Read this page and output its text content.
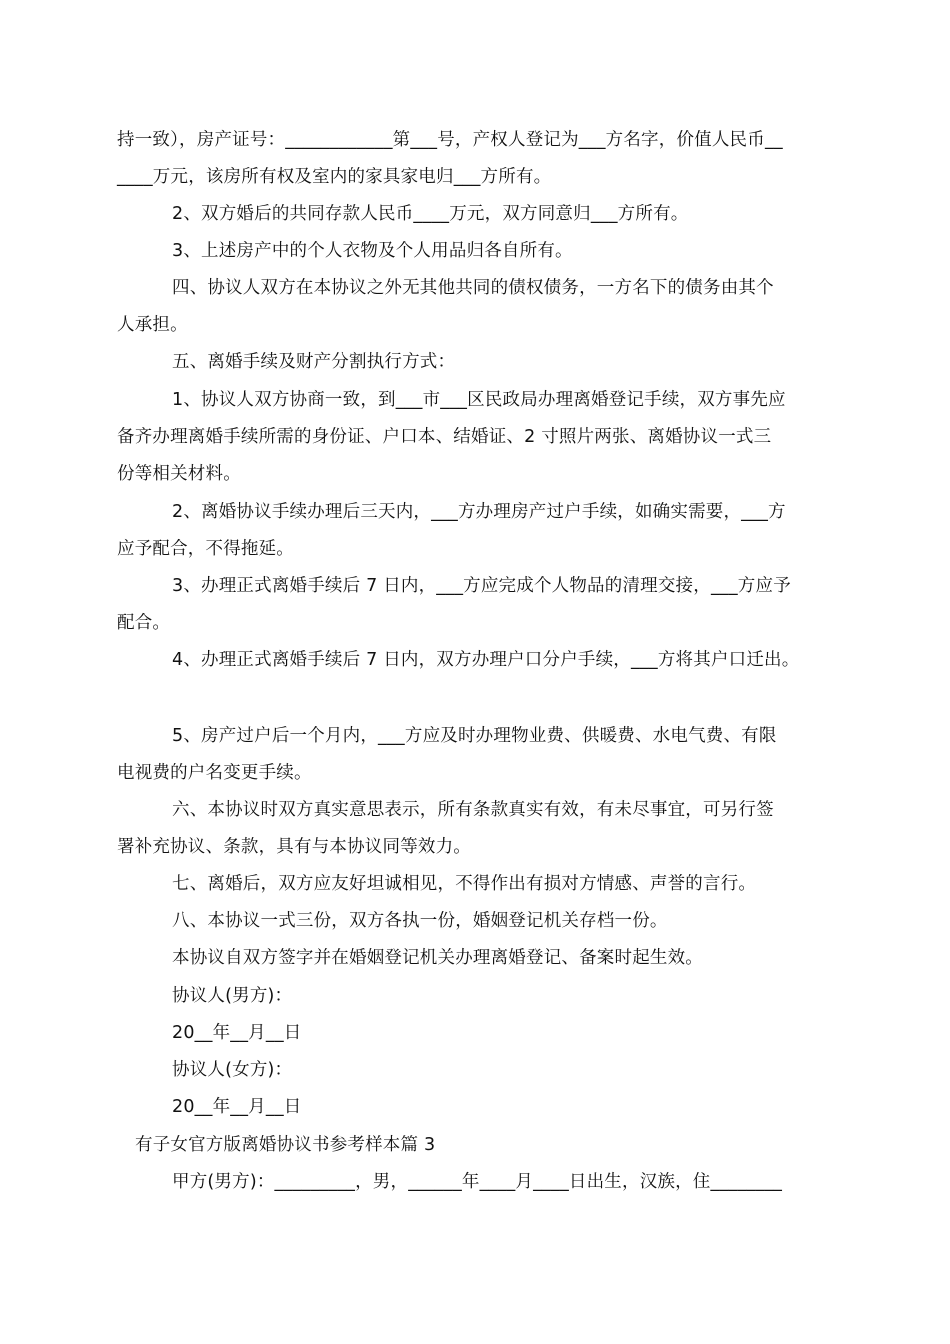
持一致），房产证号：____________第___号，产权人登记为___方名字，价值人民币__
____万元，该房所有权及室内的家具家电归___方所有。
2、双方婚后的共同存款人民币____万元，双方同意归___方所有。
3、上述房产中的个人衣物及个人用品归各自所有。
四、协议人双方在本协议之外无其他共同的债权债务，一方名下的债务由其个
人承担。
五、离婚手续及财产分割执行方式：
1、协议人双方协商一致，到___市___区民政局办理离婚登记手续，双方事先应
备齐办理离婚手续所需的身份证、户口本、结婚证、2 寸照片两张、离婚协议一式三
份等相关材料。
2、离婚协议手续办理后三天内，___方办理房产过户手续，如确实需要，___方
应予配合，不得拖延。
3、办理正式离婚手续后 7 日内，___方应完成个人物品的清理交接，___方应予
配合。
4、办理正式离婚手续后 7 日内，双方办理户口分户手续，___方将其户口迁出。
5、房产过户后一个月内，___方应及时办理物业费、供暖费、水电气费、有限
电视费的户名变更手续。
六、本协议时双方真实意思表示，所有条款真实有效，有未尽事宜，可另行签
署补充协议、条款，具有与本协议同等效力。
七、离婚后，双方应友好坦诚相见，不得作出有损对方情感、声誉的言行。
八、本协议一式三份，双方各执一份，婚姻登记机关存档一份。
本协议自双方签字并在婚姻登记机关办理离婚登记、备案时起生效。
协议人(男方)：
20__年__月__日
协议人(女方)：
20__年__月__日
有子女官方版离婚协议书参考样本篇 3
甲方(男方)：_________，男，______年____月____日出生，汉族，住________
